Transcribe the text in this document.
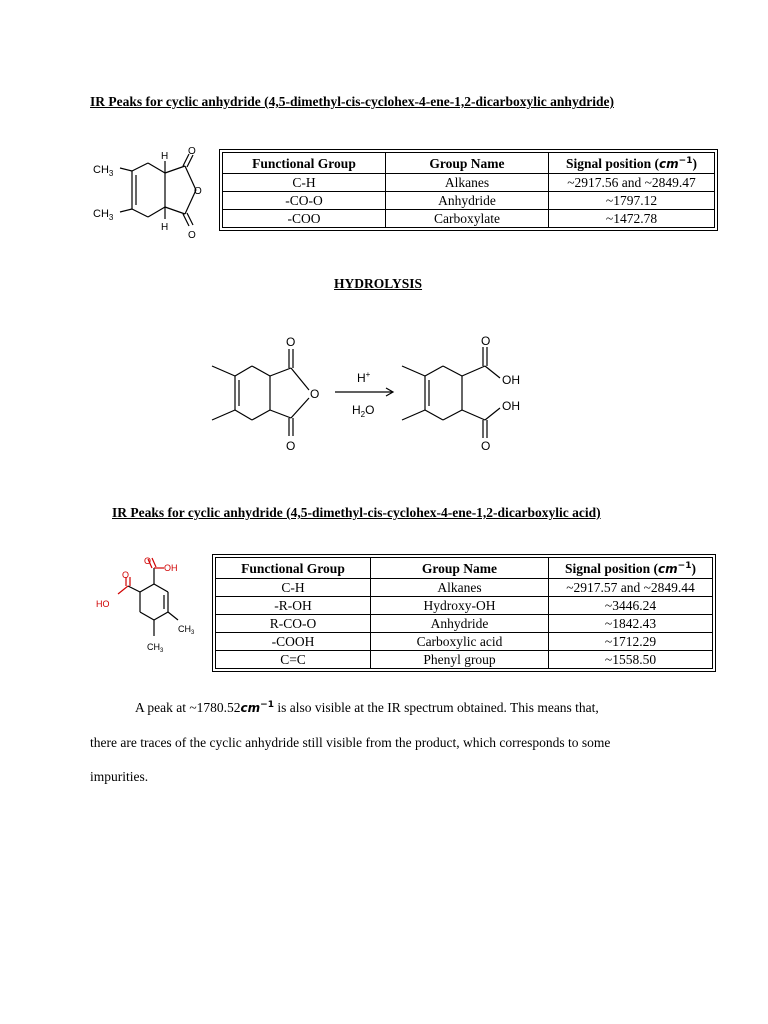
IR Peaks for cyclic anhydride (4,5-dimethyl-cis-cyclohex-4-ene-1,2-dicarboxylic anhydride)
$CH_3$
$CH_3$
H
H
O
O
O
Functional Group	Group Name	Signal position $(cm^{-1})$
C-H	Alkanes	~2917.56 and ~2849.47
-CO-O	Anhydride	~1797.12
-COO	Carboxylate	~1472.78
HYDROLYSIS
O
O
O
H+
$H_2O$
O
OH
OH
O
IR Peaks for cyclic anhydride (4,5-dimethyl-cis-cyclohex-4-ene-1,2-dicarboxylic acid)
O
OH
O
HO
$CH_3$
$CH_3$
Functional Group	Group Name	Signal position $(cm^{-1})$
C-H	Alkanes	~2917.57 and ~2849.44
-R-OH	Hydroxy-OH	~3446.24
R-CO-O	Anhydride	~1842.43
-COOH	Carboxylic acid	~1712.29
C=C	Phenyl group	~1558.50
A peak at $\sim 1780.52cm^{-1}$ is also visible at the IR spectrum obtained. This means that,
there are traces of the cyclic anhydride still visible from the product, which corresponds to some
impurities.
